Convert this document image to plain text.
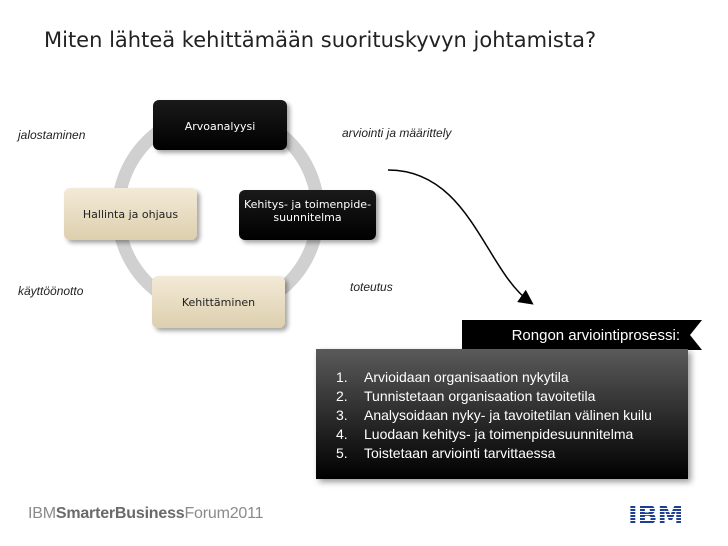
Miten lähteä kehittämään suorituskyvyn johtamista?
Arvoanalyysi
Kehitys- ja toimenpide-
suunnitelma
Kehittäminen
Hallinta ja ohjaus
jalostaminen	arviointi ja määrittely
käyttöönotto	toteutus
Rongon arviointiprosessi:
1.	Arvioidaan organisaation nykytila
2.	Tunnistetaan organisaation tavoitetila
3.	Analysoidaan nyky- ja tavoitetilan välinen kuilu
4.	Luodaan kehitys- ja toimenpidesuunnitelma
5.	Toistetaan arviointi tarvittaessa
IBMSmarterBusinessForum2011
